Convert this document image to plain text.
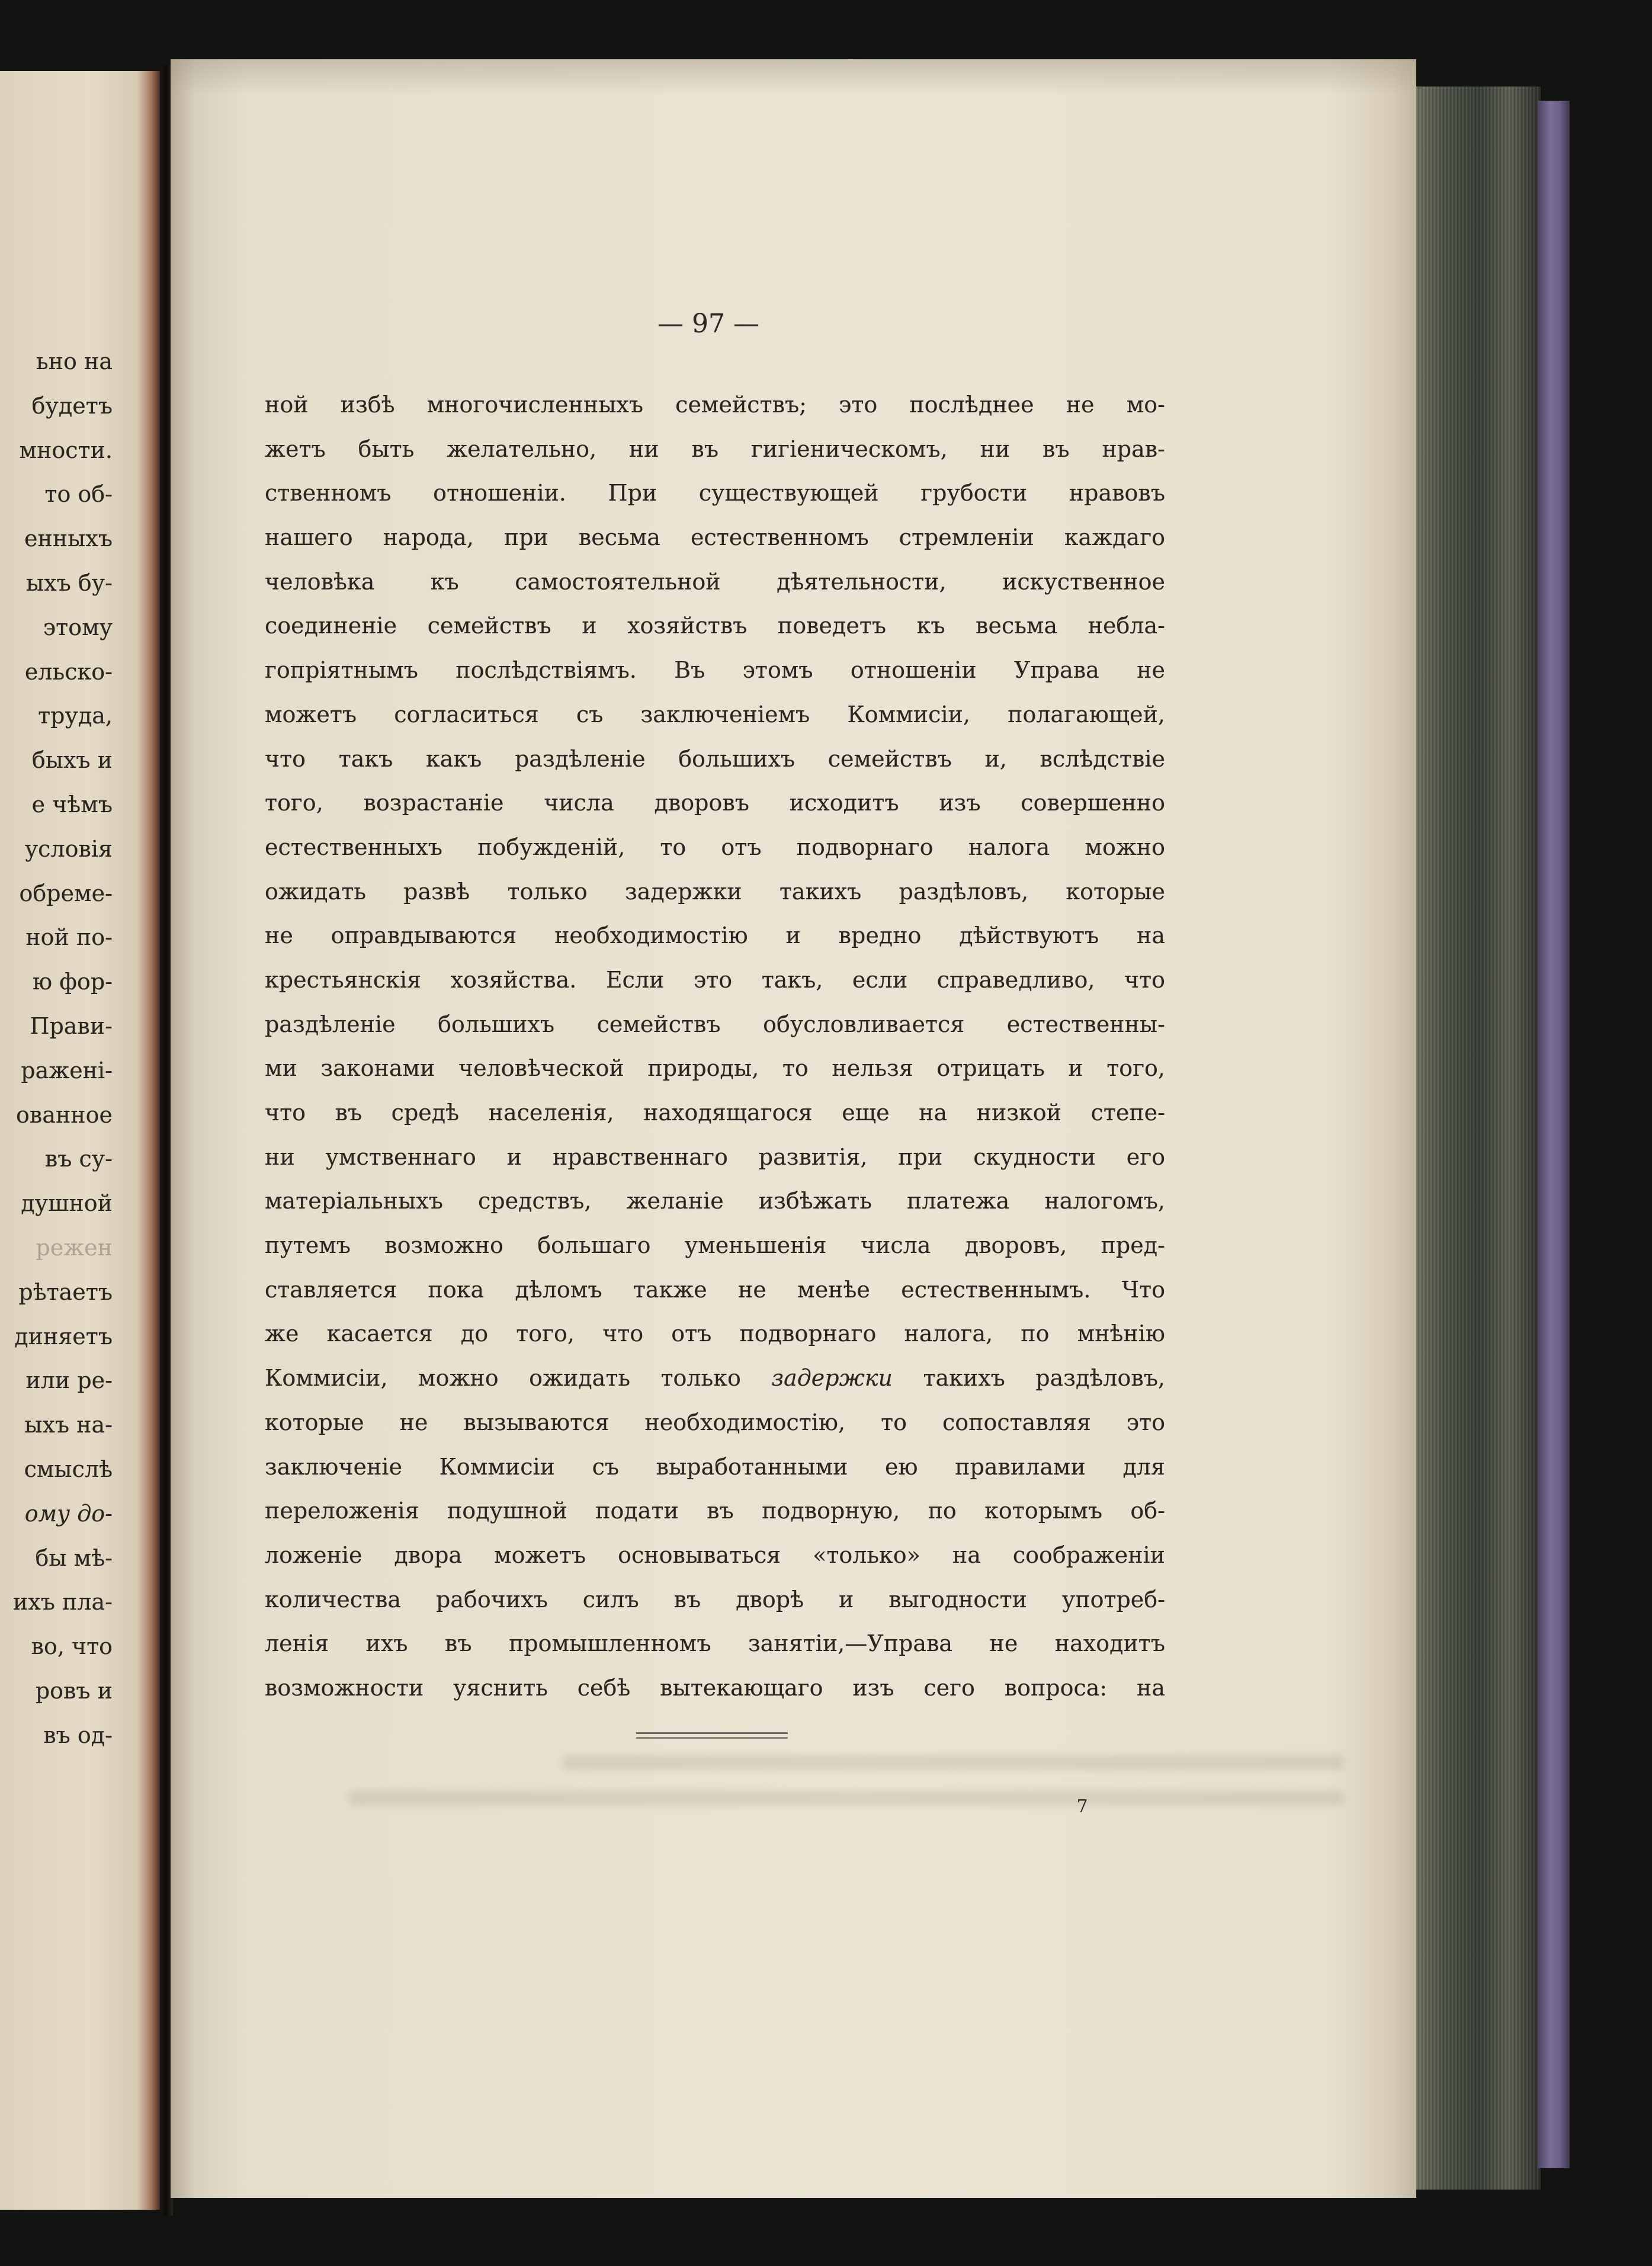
ьно на
будетъ
мности.
то об-
енныхъ
ыхъ бу-
этому
ельско-
труда,
быхъ и
е чѣмъ
условія
обреме-
ной по-
ю фор-
Прави-
ражені-
ованное
въ су-
душной
режен
рѣтаетъ
диняетъ
или ре-
ыхъ на-
смыслѣ
ому до-
бы мѣ-
ихъ пла-
во, что
ровъ и
въ од-
— 97 —
ной избѣ многочисленныхъ семействъ; это послѣднее не мо-
жетъ быть желательно, ни въ гигіеническомъ, ни въ нрав-
ственномъ отношеніи. При существующей грубости нравовъ
нашего народа, при весьма естественномъ стремленіи каждаго
человѣка къ самостоятельной дѣятельности, искуственное
соединеніе семействъ и хозяйствъ поведетъ къ весьма небла-
гопріятнымъ послѣдствіямъ. Въ этомъ отношеніи Управа не
можетъ согласиться съ заключеніемъ Коммисіи, полагающей,
что такъ какъ раздѣленіе большихъ семействъ и, вслѣдствіе
того, возрастаніе числа дворовъ исходитъ изъ совершенно
естественныхъ побужденій, то отъ подворнаго налога можно
ожидать развѣ только задержки такихъ раздѣловъ, которые
не оправдываются необходимостію и вредно дѣйствуютъ на
крестьянскія хозяйства. Если это такъ, если справедливо, что
раздѣленіе большихъ семействъ обусловливается естественны-
ми законами человѣческой природы, то нельзя отрицать и того,
что въ средѣ населенія, находящагося еще на низкой степе-
ни умственнаго и нравственнаго развитія, при скудности его
матеріальныхъ средствъ, желаніе избѣжать платежа налогомъ,
путемъ возможно большаго уменьшенія числа дворовъ, пред-
ставляется пока дѣломъ также не менѣе естественнымъ. Что
же касается до того, что отъ подворнаго налога, по мнѣнію
Коммисіи, можно ожидать только задержки такихъ раздѣловъ,
которые не вызываются необходимостію, то сопоставляя это
заключеніе Коммисіи съ выработанными ею правилами для
переложенія подушной подати въ подворную, по которымъ об-
ложеніе двора можетъ основываться «только» на соображеніи
количества рабочихъ силъ въ дворѣ и выгодности употреб-
ленія ихъ въ промышленномъ занятіи,—Управа не находитъ
возможности уяснить себѣ вытекающаго изъ сего вопроса: на
7
